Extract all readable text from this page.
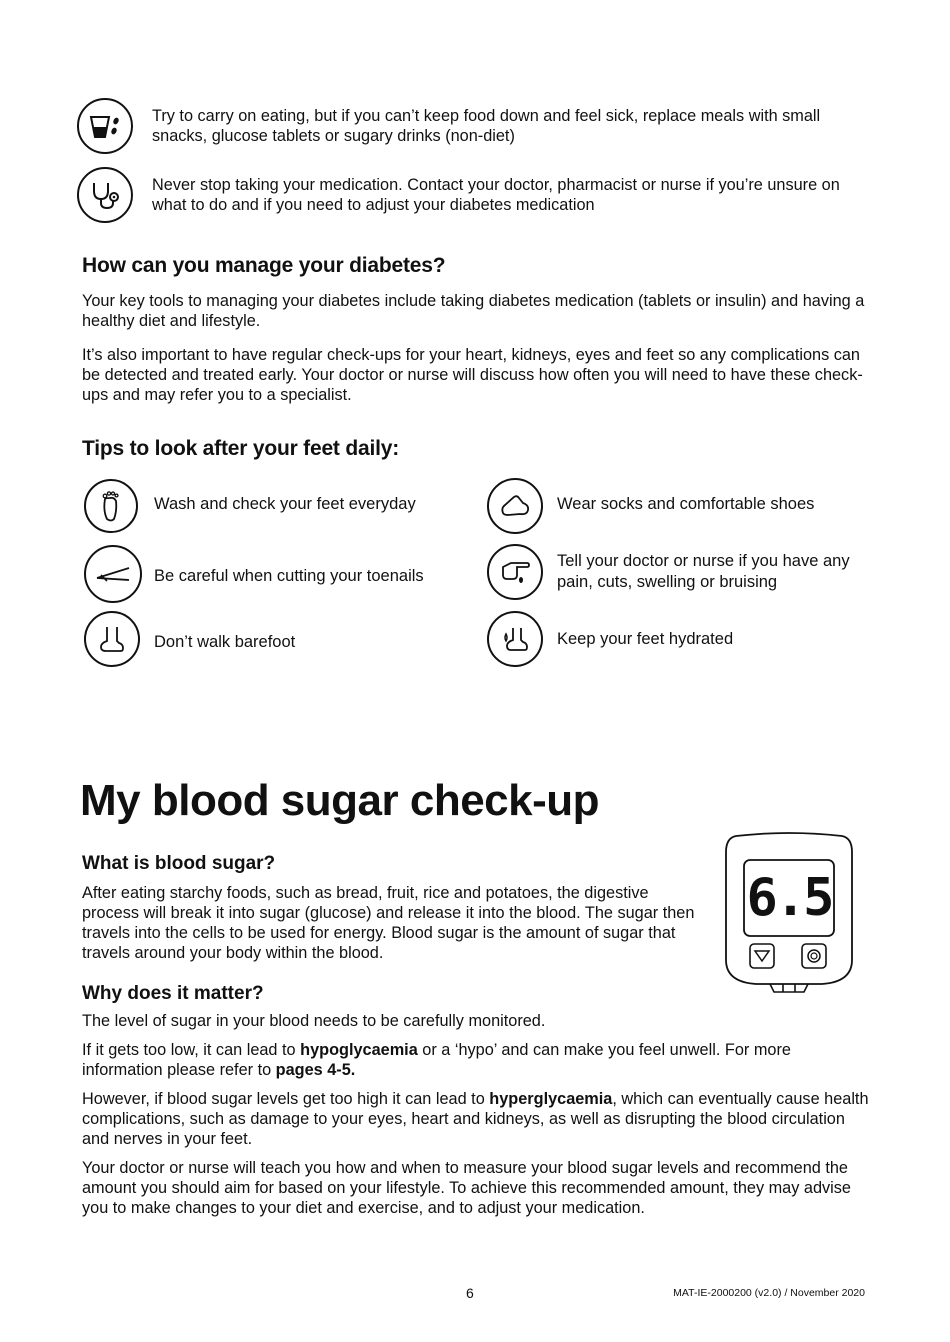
Try to carry on eating, but if you can’t keep food down and feel sick, replace meals with small snacks, glucose tablets or sugary drinks (non-diet)
Never stop taking your medication. Contact your doctor, pharmacist or nurse if you’re unsure on what to do and if you need to adjust your diabetes medication
How can you manage your diabetes?

Your key tools to managing your diabetes include taking diabetes medication (tablets or insulin) and having a healthy diet and lifestyle.

It’s also important to have regular check-ups for your heart, kidneys, eyes and feet so any complications can be detected and treated early. Your doctor or nurse will discuss how often you will need to have these check-ups and may refer you to a specialist.

Tips to look after your feet daily:
Wash and check your feet everyday
Be careful when cutting your toenails
Don’t walk barefoot
Wear socks and comfortable shoes
Tell your doctor or nurse if you have any pain, cuts, swelling or bruising
Keep your feet hydrated
My blood sugar check-up
What is blood sugar?

After eating starchy foods, such as bread, fruit, rice and potatoes, the digestive process will break it into sugar (glucose) and release it into the blood. The sugar then travels into the cells to be used for energy. Blood sugar is the amount of sugar that travels around your body within the blood.

6.5
Why does it matter?

The level of sugar in your blood needs to be carefully monitored.

If it gets too low, it can lead to hypoglycaemia or a ‘hypo’ and can make you feel unwell. For more information please refer to pages 4-5.

However, if blood sugar levels get too high it can lead to hyperglycaemia, which can eventually cause health complications, such as damage to your eyes, heart and kidneys, as well as disrupting the blood circulation and nerves in your feet.

Your doctor or nurse will teach you how and when to measure your blood sugar levels and recommend the amount you should aim for based on your lifestyle. To achieve this recommended amount, they may advise you to make changes to your diet and exercise, and to adjust your medication.

6	MAT-IE-2000200 (v2.0) / November 2020
